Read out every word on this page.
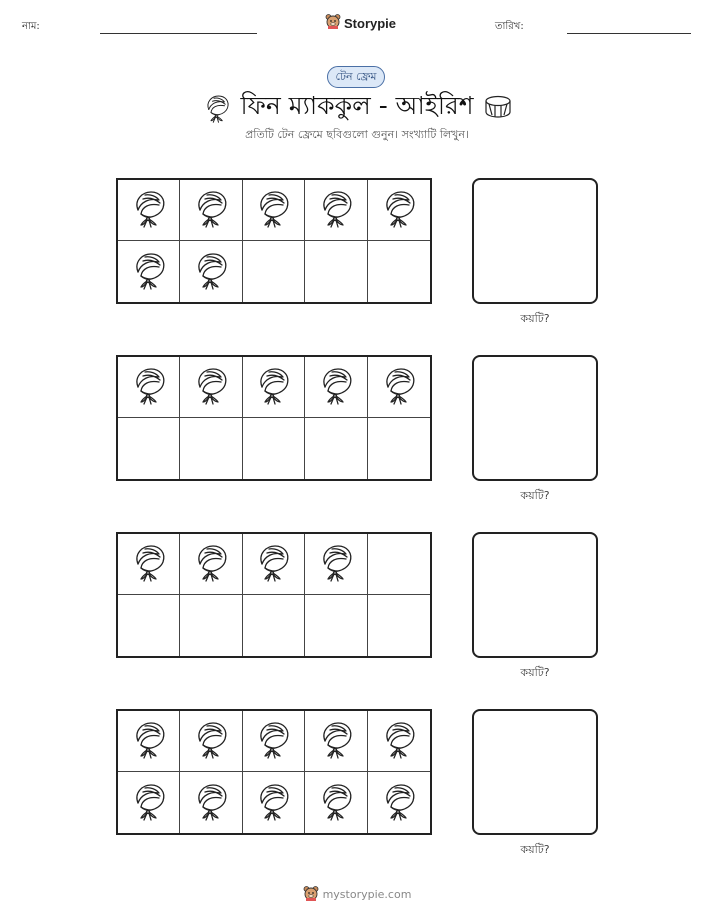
নাম:	Storypie	তারিখ:
টেন ফ্রেম
ফিন ম্যাককুল - আইরিশ
প্রতিটি টেন ফ্রেমে ছবিগুলো গুনুন। সংখ্যাটি লিখুন।
কয়টি?
কয়টি?
কয়টি?
কয়টি?
mystorypie.com
